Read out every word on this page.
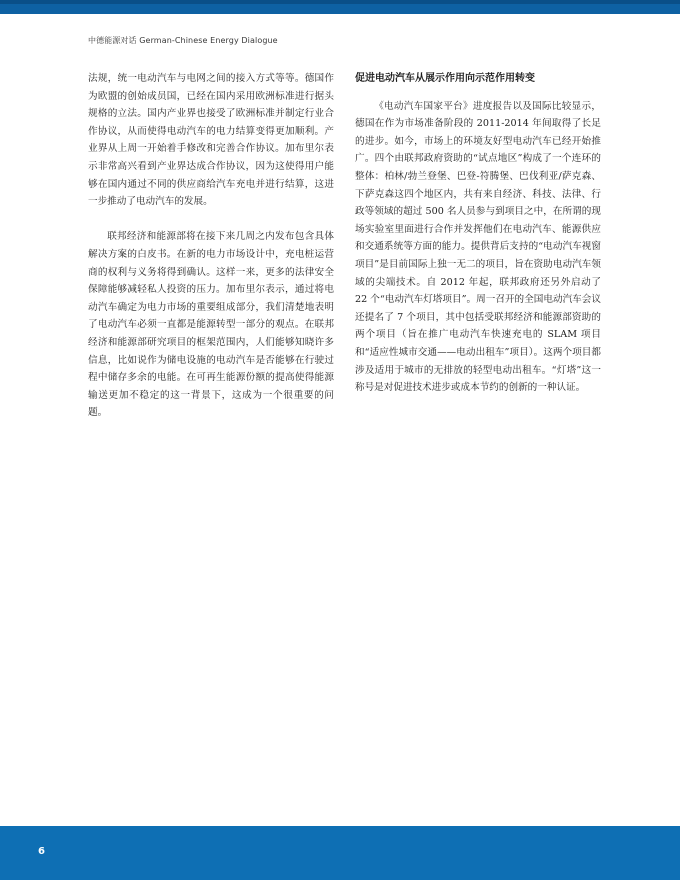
中德能源对话 German-Chinese Energy Dialogue

法规，统一电动汽车与电网之间的接入方式等等。德国作为欧盟的创始成员国，已经在国内采用欧洲标准进行据头规格的立法。国内产业界也接受了欧洲标准并制定行业合作协议，从而使得电动汽车的电力结算变得更加顺利。产业界从上周一开始着手修改和完善合作协议。加布里尔表示非常高兴看到产业界达成合作协议，因为这使得用户能够在国内通过不同的供应商给汽车充电并进行结算，这进一步推动了电动汽车的发展。

联邦经济和能源部将在接下来几周之内发布包含具体解决方案的白皮书。在新的电力市场设计中，充电桩运营商的权利与义务将得到确认。这样一来，更多的法律安全保障能够减轻私人投资的压力。加布里尔表示，通过将电动汽车确定为电力市场的重要组成部分，我们清楚地表明了电动汽车必须一直都是能源转型一部分的观点。在联邦经济和能源部研究项目的框架范围内，人们能够知晓许多信息，比如说作为储电设施的电动汽车是否能够在行驶过程中储存多余的电能。在可再生能源份额的提高使得能源输送更加不稳定的这一背景下，这成为一个很重要的问题。

促进电动汽车从展示作用向示范作用转变

《电动汽车国家平台》进度报告以及国际比较显示，德国在作为市场准备阶段的 2011-2014 年间取得了长足的进步。如今，市场上的环境友好型电动汽车已经开始推广。四个由联邦政府资助的“试点地区”构成了一个连环的整体：柏林/勃兰登堡、巴登-符腾堡、巴伐利亚/萨克森、下萨克森这四个地区内，共有来自经济、科技、法律、行政等领域的超过 500 名人员参与到项目之中，在所谓的现场实验室里面进行合作并发挥他们在电动汽车、能源供应和交通系统等方面的能力。提供背后支持的“电动汽车视窗项目”是目前国际上独一无二的项目，旨在资助电动汽车领域的尖端技术。自 2012 年起，联邦政府还另外启动了 22 个“电动汽车灯塔项目”。周一召开的全国电动汽车会议还提名了 7 个项目，其中包括受联邦经济和能源部资助的两个项目（旨在推广电动汽车快速充电的 SLAM 项目和“适应性城市交通——电动出租车”项目）。这两个项目都涉及适用于城市的无排放的轻型电动出租车。“灯塔”这一称号是对促进技术进步或成本节约的创新的一种认证。

6
